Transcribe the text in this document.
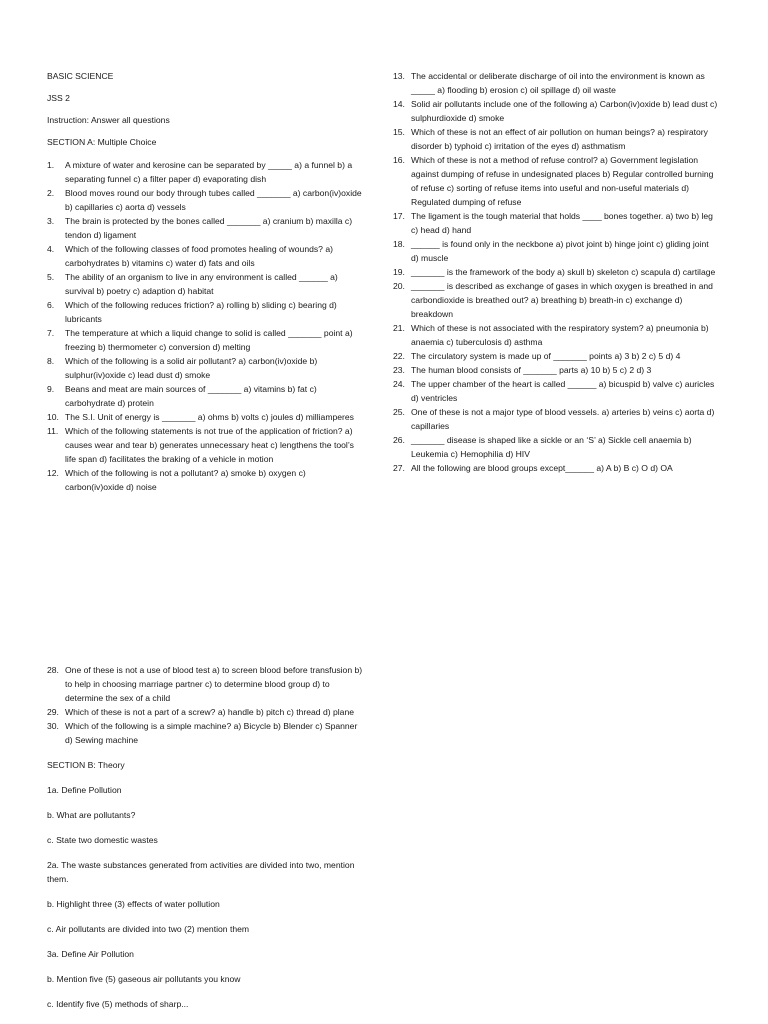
BASIC SCIENCE
JSS 2
Instruction: Answer all questions
SECTION A: Multiple Choice
1. A mixture of water and kerosine can be separated by _____ a) a funnel b) a separating funnel c) a filter paper d) evaporating dish
2. Blood moves round our body through tubes called _______ a) carbon(iv)oxide b) capillaries c) aorta d) vessels
3. The brain is protected by the bones called _______ a) cranium b) maxilla c) tendon d) ligament
4. Which of the following classes of food promotes healing of wounds? a) carbohydrates b) vitamins c) water d) fats and oils
5. The ability of an organism to live in any environment is called ______ a) survival b) poetry c) adaption d) habitat
6. Which of the following reduces friction? a) rolling b) sliding c) bearing d) lubricants
7. The temperature at which a liquid change to solid is called _______ point a) freezing b) thermometer c) conversion d) melting
8. Which of the following is a solid air pollutant? a) carbon(iv)oxide b) sulphur(iv)oxide c) lead dust d) smoke
9. Beans and meat are main sources of _______ a) vitamins b) fat c) carbohydrate d) protein
10. The S.I. Unit of energy is _______ a) ohms b) volts c) joules d) milliamperes
11. Which of the following statements is not true of the application of friction? a) causes wear and tear b) generates unnecessary heat c) lengthens the tool’s life span d) facilitates the braking of a vehicle in motion
12. Which of the following is not a pollutant? a) smoke b) oxygen c) carbon(iv)oxide d) noise
13. The accidental or deliberate discharge of oil into the environment is known as _____ a) flooding b) erosion c) oil spillage d) oil waste
14. Solid air pollutants include one of the following a) Carbon(iv)oxide b) lead dust c) sulphurdioxide d) smoke
15. Which of these is not an effect of air pollution on human beings? a) respiratory disorder b) typhoid c) irritation of the eyes d) asthmatism
16. Which of these is not a method of refuse control? a) Government legislation against dumping of refuse in undesignated places b) Regular controlled burning of refuse c) sorting of refuse items into useful and non-useful materials d) Regulated dumping of refuse
17. The ligament is the tough material that holds ____ bones together. a) two b) leg c) head d) hand
18. ______ is found only in the neckbone a) pivot joint b) hinge joint c) gliding joint d) muscle
19. _______ is the framework of the body a) skull b) skeleton c) scapula d) cartilage
20. _______ is described as exchange of gases in which oxygen is breathed in and carbondioxide is breathed out? a) breathing b) breath-in c) exchange d) breakdown
21. Which of these is not associated with the respiratory system? a) pneumonia b) anaemia c) tuberculosis d) asthma
22. The circulatory system is made up of _______ points a) 3 b) 2 c) 5 d) 4
23. The human blood consists of _______ parts a) 10 b) 5 c) 2 d) 3
24. The upper chamber of the heart is called ______ a) bicuspid b) valve c) auricles d) ventricles
25. One of these is not a major type of blood vessels. a) arteries b) veins c) aorta d) capillaries
26. _______ disease is shaped like a sickle or an ‘S’ a) Sickle cell anaemia b) Leukemia c) Hemophilia d) HIV
27. All the following are blood groups except______ a) A b) B c) O d) OA
28. One of these is not a use of blood test a) to screen blood before transfusion b) to help in choosing marriage partner c) to determine blood group d) to determine the sex of a child
29. Which of these is not a part of a screw? a) handle b) pitch c) thread d) plane
30. Which of the following is a simple machine? a) Bicycle b) Blender c) Spanner d) Sewing machine

SECTION B: Theory

1a. Define Pollution

b. What are pollutants?

c. State two domestic wastes

2a. The waste substances generated from activities are divided into two, mention them.

b. Highlight three (3) effects of water pollution

c. Air pollutants are divided into two (2) mention them

3a. Define Air Pollution

b. Mention five (5) gaseous air pollutants you know

c. Identify five (5) methods of sharp...
